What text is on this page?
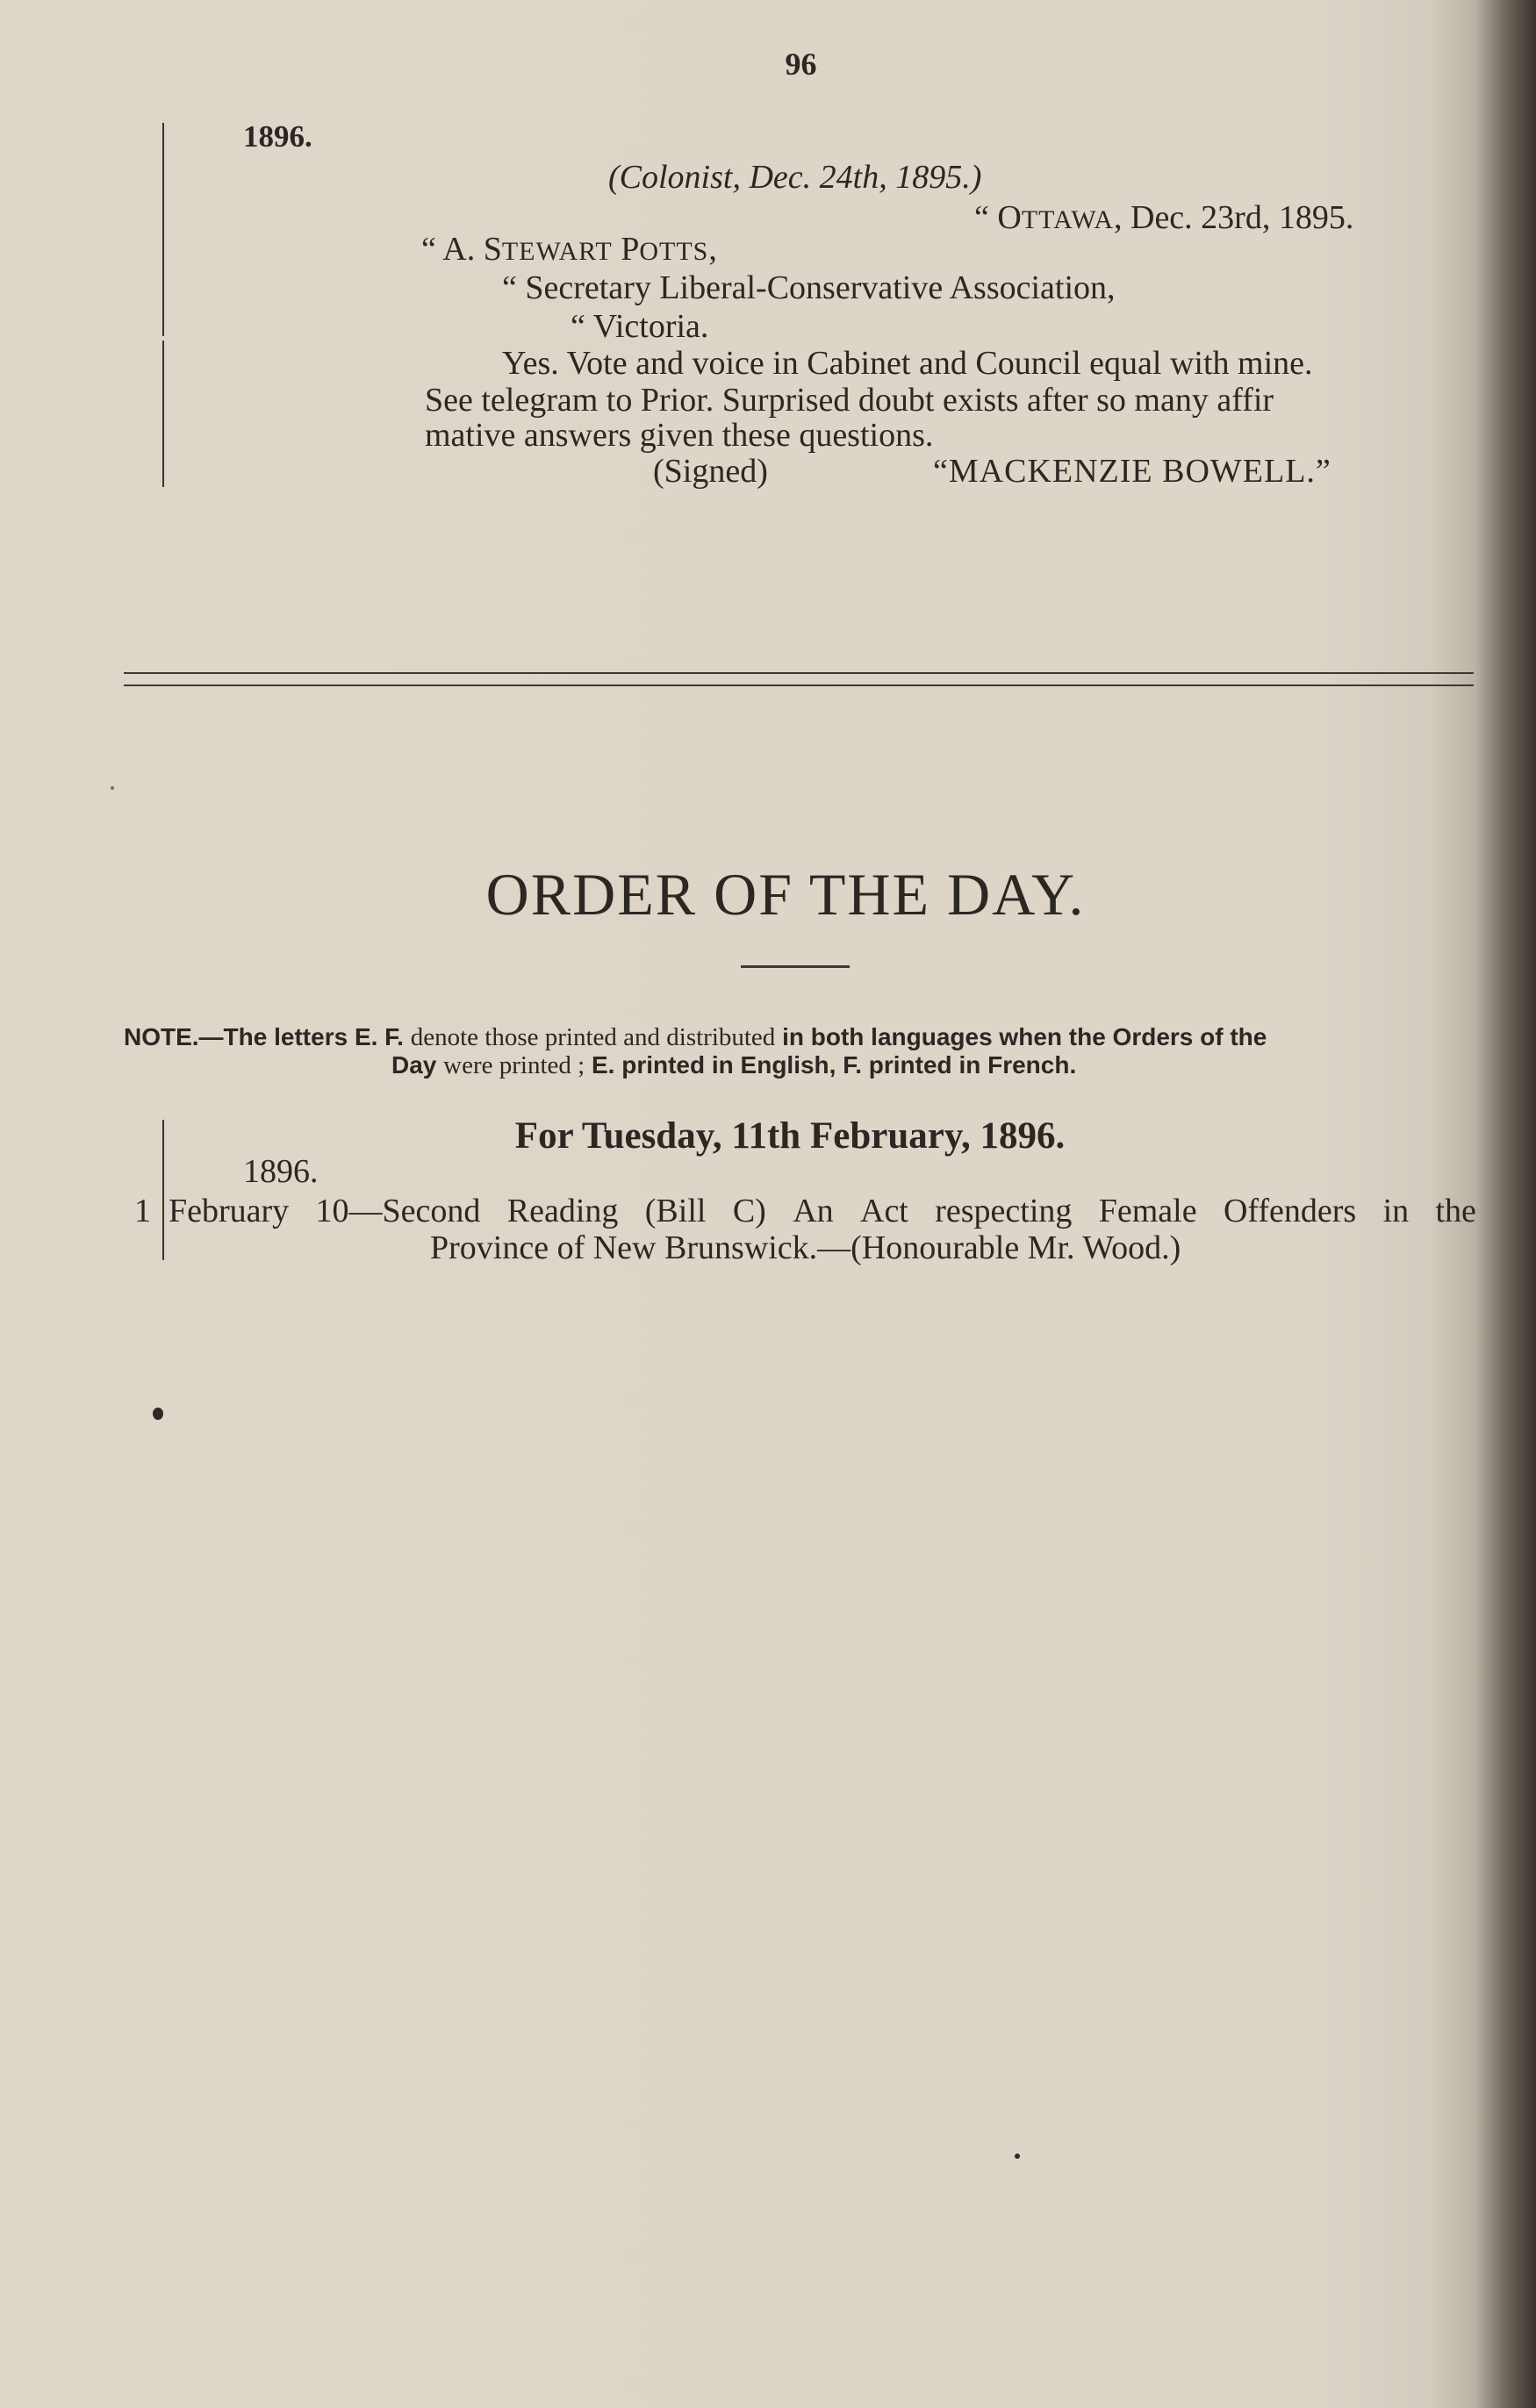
96
1896.
(Colonist, Dec. 24th, 1895.)
“ OTTAWA, Dec. 23rd, 1895.
“ A. STEWART POTTS,
“ Secretary Liberal-Conservative Association,
“ Victoria.
Yes. Vote and voice in Cabinet and Council equal with mine.
See telegram to Prior. Surprised doubt exists after so many affir
mative answers given these questions.
(Signed)	“MACKENZIE BOWELL.”
ORDER OF THE DAY.
NOTE.—The letters E. F. denote those printed and distributed in both languages when the Orders of the
Day were printed ; E. printed in English, F. printed in French.
For Tuesday, 11th February, 1896.
1896.
1 February 10—Second Reading (Bill C) An Act respecting Female Offenders in the
Province of New Brunswick.—(Honourable Mr. Wood.)
